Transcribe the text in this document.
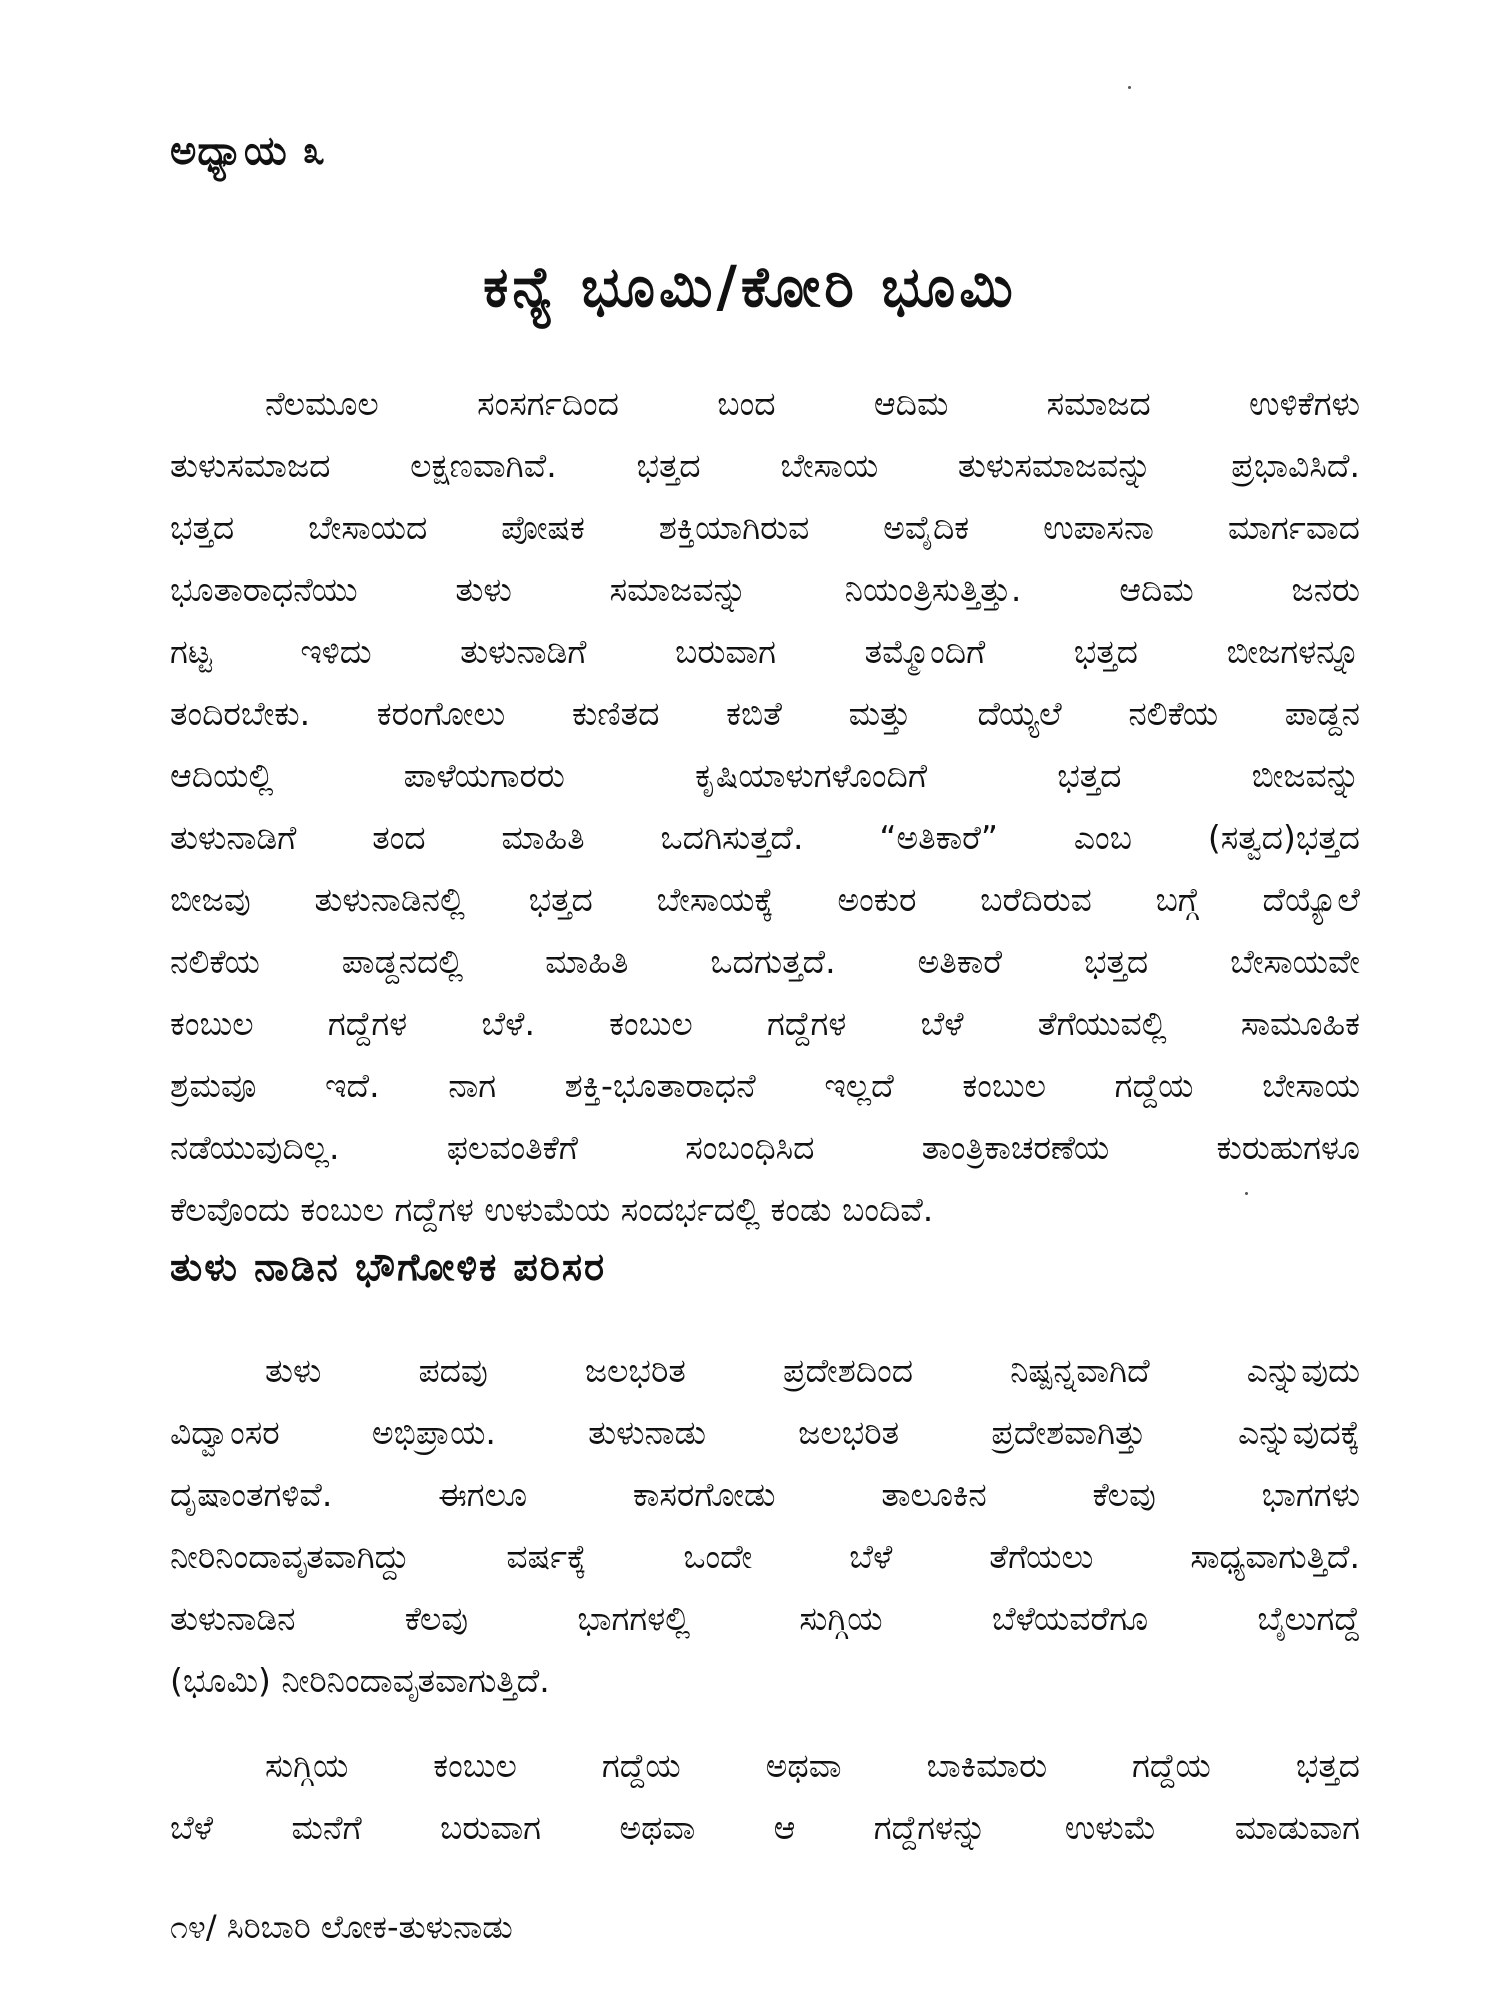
ಅಧ್ಯಾಯ ೩
ಕನ್ಯೆ ಭೂಮಿ/ಕೋರಿ ಭೂಮಿ
ನೆಲಮೂಲ ಸಂಸರ್ಗದಿಂದ ಬಂದ ಆದಿಮ ಸಮಾಜದ ಉಳಿಕೆಗಳು
ತುಳುಸಮಾಜದ ಲಕ್ಷಣವಾಗಿವೆ. ಭತ್ತದ ಬೇಸಾಯ ತುಳುಸಮಾಜವನ್ನು ಪ್ರಭಾವಿಸಿದೆ.
ಭತ್ತದ ಬೇಸಾಯದ ಪೋಷಕ ಶಕ್ತಿಯಾಗಿರುವ ಅವೈದಿಕ ಉಪಾಸನಾ ಮಾರ್ಗವಾದ
ಭೂತಾರಾಧನೆಯು ತುಳು ಸಮಾಜವನ್ನು ನಿಯಂತ್ರಿಸುತ್ತಿತ್ತು. ಆದಿಮ ಜನರು
ಗಟ್ಟ ಇಳಿದು ತುಳುನಾಡಿಗೆ ಬರುವಾಗ ತಮ್ಮೊಂದಿಗೆ ಭತ್ತದ ಬೀಜಗಳನ್ನೂ
ತಂದಿರಬೇಕು. ಕರಂಗೋಲು ಕುಣಿತದ ಕಬಿತೆ ಮತ್ತು ದೆಯ್ಯಲೆ ನಲಿಕೆಯ ಪಾಡ್ದನ
ಆದಿಯಲ್ಲಿ ಪಾಳೆಯಗಾರರು ಕೃಷಿಯಾಳುಗಳೊಂದಿಗೆ ಭತ್ತದ ಬೀಜವನ್ನು
ತುಳುನಾಡಿಗೆ ತಂದ ಮಾಹಿತಿ ಒದಗಿಸುತ್ತದೆ. “ಅತಿಕಾರೆ” ಎಂಬ (ಸತ್ವದ)ಭತ್ತದ
ಬೀಜವು ತುಳುನಾಡಿನಲ್ಲಿ ಭತ್ತದ ಬೇಸಾಯಕ್ಕೆ ಅಂಕುರ ಬರೆದಿರುವ ಬಗ್ಗೆ ದೆಯ್ಯೊಲೆ
ನಲಿಕೆಯ ಪಾಡ್ದನದಲ್ಲಿ ಮಾಹಿತಿ ಒದಗುತ್ತದೆ. ಅತಿಕಾರೆ ಭತ್ತದ ಬೇಸಾಯವೇ
ಕಂಬುಲ ಗದ್ದೆಗಳ ಬೆಳೆ. ಕಂಬುಲ ಗದ್ದೆಗಳ ಬೆಳೆ ತೆಗೆಯುವಲ್ಲಿ ಸಾಮೂಹಿಕ
ಶ್ರಮವೂ ಇದೆ. ನಾಗ ಶಕ್ತಿ-ಭೂತಾರಾಧನೆ ಇಲ್ಲದೆ ಕಂಬುಲ ಗದ್ದೆಯ ಬೇಸಾಯ
ನಡೆಯುವುದಿಲ್ಲ. ಫಲವಂತಿಕೆಗೆ ಸಂಬಂಧಿಸಿದ ತಾಂತ್ರಿಕಾಚರಣೆಯ ಕುರುಹುಗಳೂ
ಕೆಲವೊಂದು ಕಂಬುಲ ಗದ್ದೆಗಳ ಉಳುಮೆಯ ಸಂದರ್ಭದಲ್ಲಿ ಕಂಡು ಬಂದಿವೆ.
ತುಳು ನಾಡಿನ ಭೌಗೋಳಿಕ ಪರಿಸರ
ತುಳು ಪದವು ಜಲಭರಿತ ಪ್ರದೇಶದಿಂದ ನಿಷ್ಪನ್ನವಾಗಿದೆ ಎನ್ನುವುದು
ವಿದ್ವಾಂಸರ ಅಭಿಪ್ರಾಯ. ತುಳುನಾಡು ಜಲಭರಿತ ಪ್ರದೇಶವಾಗಿತ್ತು ಎನ್ನುವುದಕ್ಕೆ
ದೃಷಾಂತಗಳಿವೆ. ಈಗಲೂ ಕಾಸರಗೋಡು ತಾಲೂಕಿನ ಕೆಲವು ಭಾಗಗಳು
ನೀರಿನಿಂದಾವೃತವಾಗಿದ್ದು ವರ್ಷಕ್ಕೆ ಒಂದೇ ಬೆಳೆ ತೆಗೆಯಲು ಸಾಧ್ಯವಾಗುತ್ತಿದೆ.
ತುಳುನಾಡಿನ ಕೆಲವು ಭಾಗಗಳಲ್ಲಿ ಸುಗ್ಗಿಯ ಬೆಳೆಯವರೆಗೂ ಬೈಲುಗದ್ದೆ
(ಭೂಮಿ) ನೀರಿನಿಂದಾವೃತವಾಗುತ್ತಿದೆ.
ಸುಗ್ಗಿಯ ಕಂಬುಲ ಗದ್ದೆಯ ಅಥವಾ ಬಾಕಿಮಾರು ಗದ್ದೆಯ ಭತ್ತದ
ಬೆಳೆ ಮನೆಗೆ ಬರುವಾಗ ಅಥವಾ ಆ ಗದ್ದೆಗಳನ್ನು ಉಳುಮೆ ಮಾಡುವಾಗ
೧೪/ ಸಿರಿಬಾರಿ ಲೋಕ-ತುಳುನಾಡು
